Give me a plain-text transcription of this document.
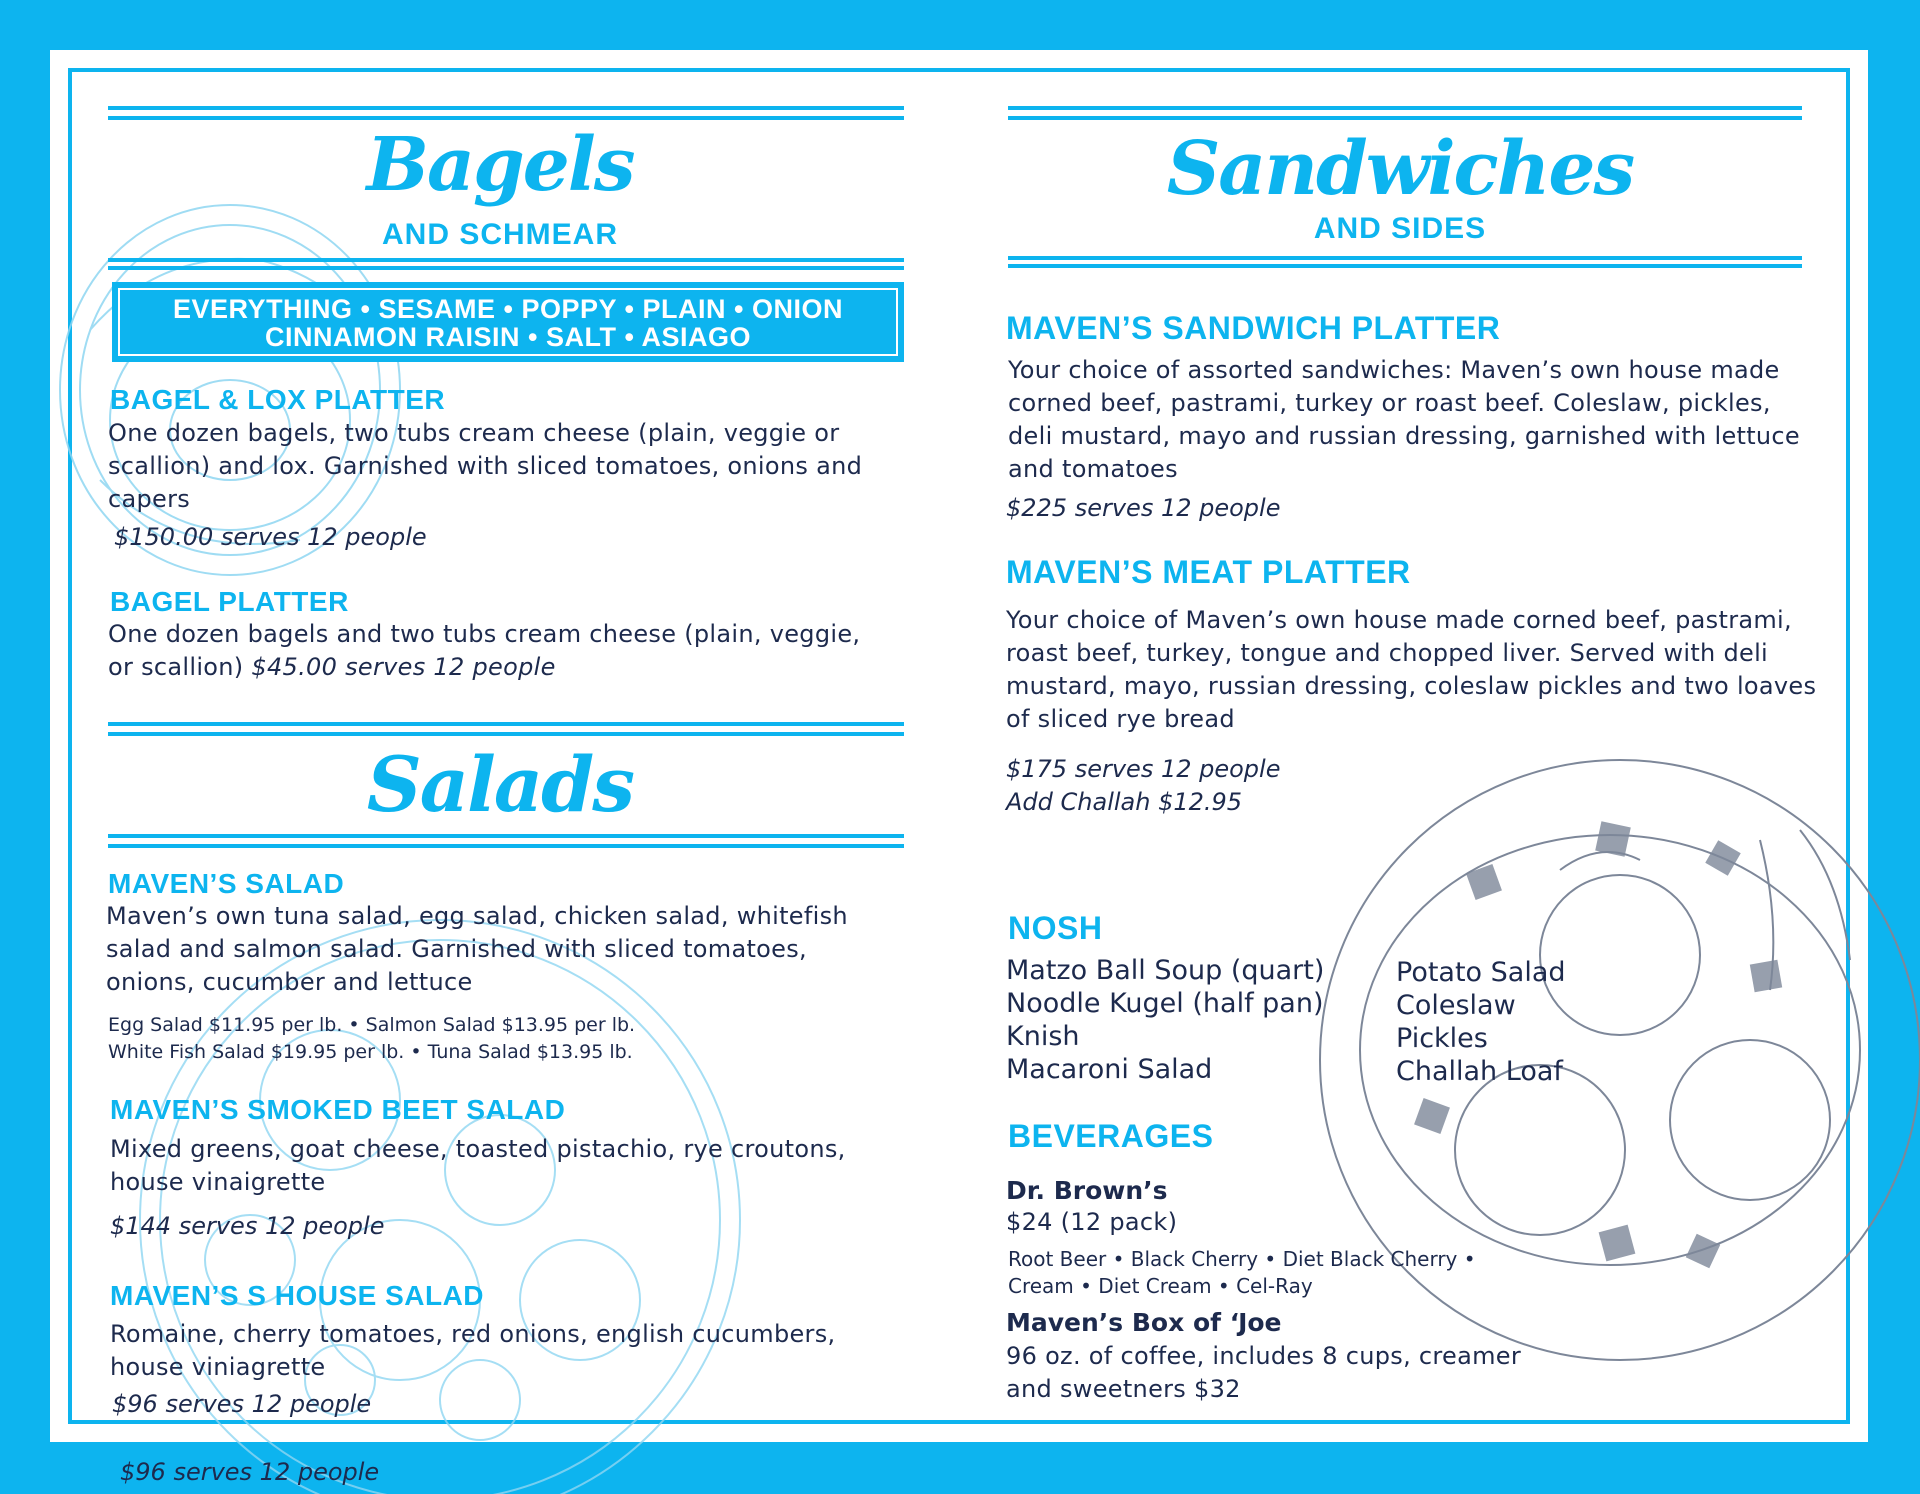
Bagels
AND SCHMEAR
EVERYTHING • SESAME • POPPY • PLAIN • ONION
CINNAMON RAISIN • SALT • ASIAGO
BAGEL & LOX PLATTER
One dozen bagels, two tubs cream cheese (plain, veggie or
scallion) and lox. Garnished with sliced tomatoes, onions and
capers
$150.00 serves 12 people
BAGEL PLATTER
One dozen bagels and two tubs cream cheese (plain, veggie,
or scallion) $45.00 serves 12 people
Salads
MAVEN’S SALAD
Maven’s own tuna salad, egg salad, chicken salad, whitefish
salad and salmon salad. Garnished with sliced tomatoes,
onions, cucumber and lettuce
Egg Salad $11.95 per lb. • Salmon Salad $13.95 per lb.
White Fish Salad $19.95 per lb. • Tuna Salad $13.95 lb.
MAVEN’S SMOKED BEET SALAD
Mixed greens, goat cheese, toasted pistachio, rye croutons,
house vinaigrette
$144 serves 12 people
MAVEN’S S HOUSE SALAD
Romaine, cherry tomatoes, red onions, english cucumbers,
house viniagrette
$96 serves 12 people
$96 serves 12 people
Sandwiches
AND SIDES
MAVEN’S SANDWICH PLATTER
Your choice of assorted sandwiches: Maven’s own house made
corned beef, pastrami, turkey or roast beef. Coleslaw, pickles,
deli mustard, mayo and russian dressing, garnished with lettuce
and tomatoes
$225 serves 12 people
MAVEN’S MEAT PLATTER
Your choice of Maven’s own house made corned beef, pastrami,
roast beef, turkey, tongue and chopped liver. Served with deli
mustard, mayo, russian dressing, coleslaw pickles and two loaves
of sliced rye bread
$175 serves 12 people
Add Challah $12.95
NOSH
Matzo Ball Soup (quart)
Noodle Kugel (half pan)
Knish
Macaroni Salad
Potato Salad
Coleslaw
Pickles
Challah Loaf
BEVERAGES
Dr. Brown’s
$24 (12 pack)
Root Beer • Black Cherry • Diet Black Cherry •
Cream • Diet Cream • Cel-Ray
Maven’s Box of ‘Joe
96 oz. of coffee, includes 8 cups, creamer
and sweetners $32
